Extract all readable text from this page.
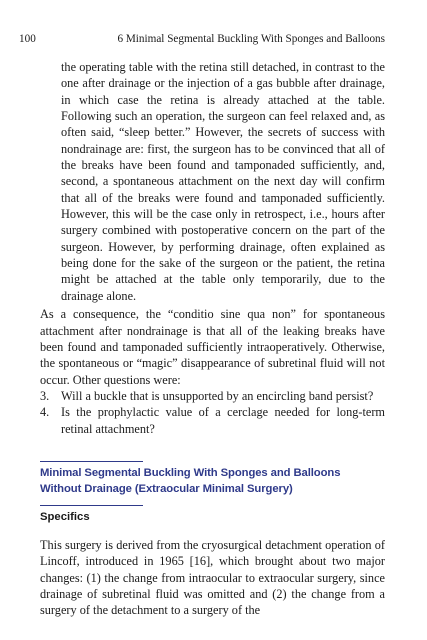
100	6 Minimal Segmental Buckling With Sponges and Balloons

the operating table with the retina still detached, in contrast to the one after drainage or the injection of a gas bubble after drainage, in which case the retina is already attached at the table. Following such an operation, the surgeon can feel relaxed and, as often said, “sleep better.” However, the secrets of success with nondrainage are: first, the surgeon has to be convinced that all of the breaks have been found and tamponaded sufficiently, and, second, a spontaneous attachment on the next day will confirm that all of the breaks were found and tamponaded sufficiently. However, this will be the case only in retrospect, i.e., hours after surgery combined with postoperative concern on the part of the surgeon. However, by performing drainage, often explained as being done for the sake of the surgeon or the patient, the retina might be attached at the table only temporarily, due to the drainage alone.

As a consequence, the “conditio sine qua non” for spontaneous attachment after nondrainage is that all of the leaking breaks have been found and tamponaded sufficiently intraoperatively. Otherwise, the spontaneous or “magic” disappearance of subretinal fluid will not occur. Other questions were:

3. Will a buckle that is unsupported by an encircling band persist?
4. Is the prophylactic value of a cerclage needed for long-term retinal attachment?
Minimal Segmental Buckling With Sponges and Balloons
Without Drainage (Extraocular Minimal Surgery)
Specifics

This surgery is derived from the cryosurgical detachment operation of Lincoff, introduced in 1965 [16], which brought about two major changes: (1) the change from intraocular to extraocular surgery, since drainage of subretinal fluid was omitted and (2) the change from a surgery of the detachment to a surgery of the
